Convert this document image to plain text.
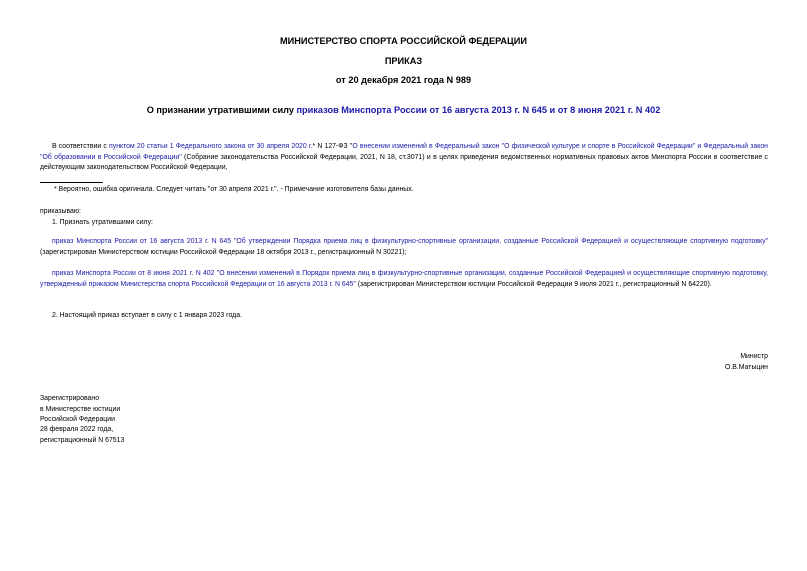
МИНИСТЕРСТВО СПОРТА РОССИЙСКОЙ ФЕДЕРАЦИИ
ПРИКАЗ
от 20 декабря 2021 года N 989
О признании утратившими силу приказов Минспорта России от 16 августа 2013 г. N 645 и от 8 июня 2021 г. N 402
В соответствии с пунктом 20 статьи 1 Федерального закона от 30 апреля 2020 г.* N 127-ФЗ "О внесении изменений в Федеральный закон "О физической культуре и спорте в Российской Федерации" и Федеральный закон "Об образовании в Российской Федерации" (Собрание законодательства Российской Федерации, 2021, N 18, ст.3071) и в целях приведения ведомственных нормативных правовых актов Минспорта России в соответствие с действующим законодательством Российской Федерации,
* Вероятно, ошибка оригинала. Следует читать "от 30 апреля 2021 г.". - Примечание изготовителя базы данных.
приказываю:
1. Признать утратившими силу:
приказ Минспорта России от 16 августа 2013 г. N 645 "Об утверждении Порядка приема лиц в физкультурно-спортивные организации, созданные Российской Федерацией и осуществляющие спортивную подготовку" (зарегистрирован Министерством юстиции Российской Федерации 18 октября 2013 г., регистрационный N 30221);
приказ Минспорта России от 8 июня 2021 г. N 402 "О внесении изменений в Порядок приема лиц в физкультурно-спортивные организации, созданные Российской Федерацией и осуществляющие спортивную подготовку, утвержденный приказом Министерства спорта Российской Федерации от 16 августа 2013 г. N 645" (зарегистрирован Министерством юстиции Российской Федерации 9 июля 2021 г., регистрационный N 64220).
2. Настоящий приказ вступает в силу с 1 января 2023 года.
Министр
О.В.Матыцин
Зарегистрировано
в Министерстве юстиции
Российской Федерации
28 февраля 2022 года,
регистрационный N 67513
